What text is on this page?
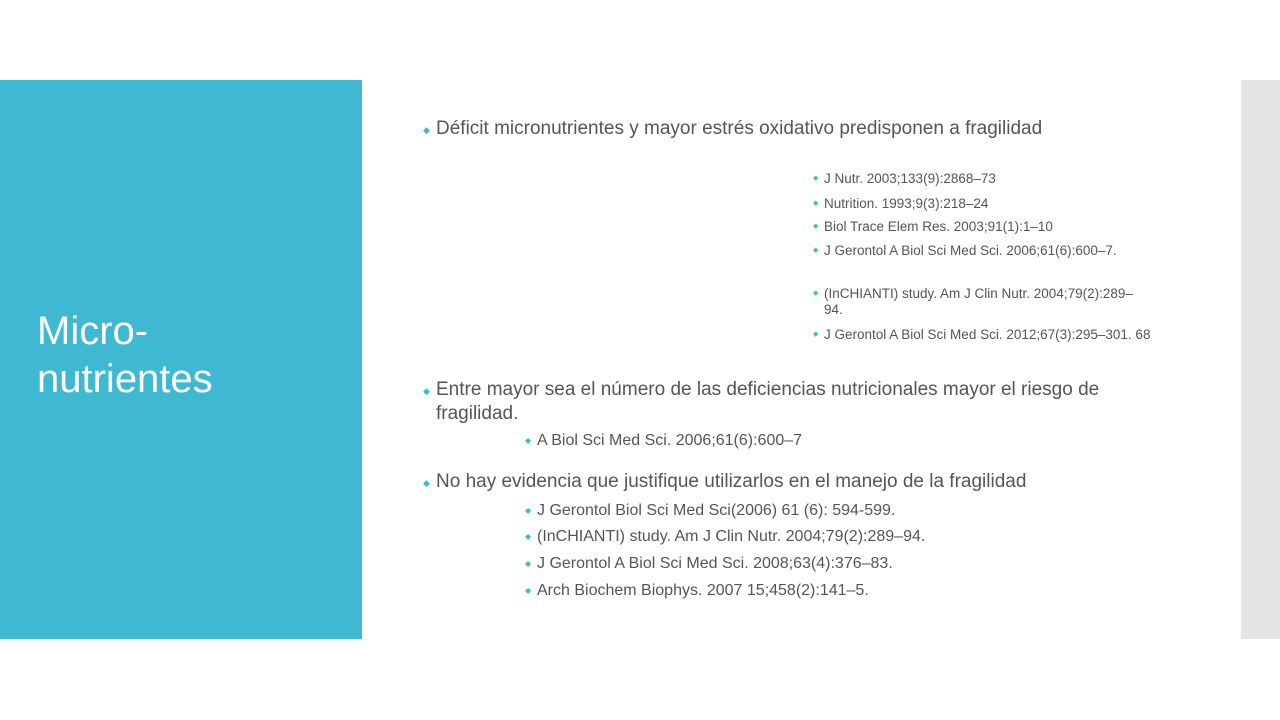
Micro-
nutrientes
◆ Déficit micronutrientes y mayor estrés oxidativo predisponen a fragilidad
◆ J Nutr. 2003;133(9):2868–73
◆ Nutrition. 1993;9(3):218–24
◆ Biol Trace Elem Res. 2003;91(1):1–10
◆ J Gerontol A Biol Sci Med Sci. 2006;61(6):600–7.
◆ (InCHIANTI) study. Am J Clin Nutr. 2004;79(2):289–94.
◆ J Gerontol A Biol Sci Med Sci. 2012;67(3):295–301. 68
◆ Entre mayor sea el número de las deficiencias nutricionales mayor el riesgo de fragilidad.
◆ A Biol Sci Med Sci. 2006;61(6):600–7
◆ No hay evidencia que justifique utilizarlos en el manejo de la fragilidad
◆ J Gerontol Biol Sci Med Sci(2006) 61 (6): 594-599.
◆ (InCHIANTI) study. Am J Clin Nutr. 2004;79(2):289–94.
◆ J Gerontol A Biol Sci Med Sci. 2008;63(4):376–83.
◆ Arch Biochem Biophys. 2007 15;458(2):141–5.
